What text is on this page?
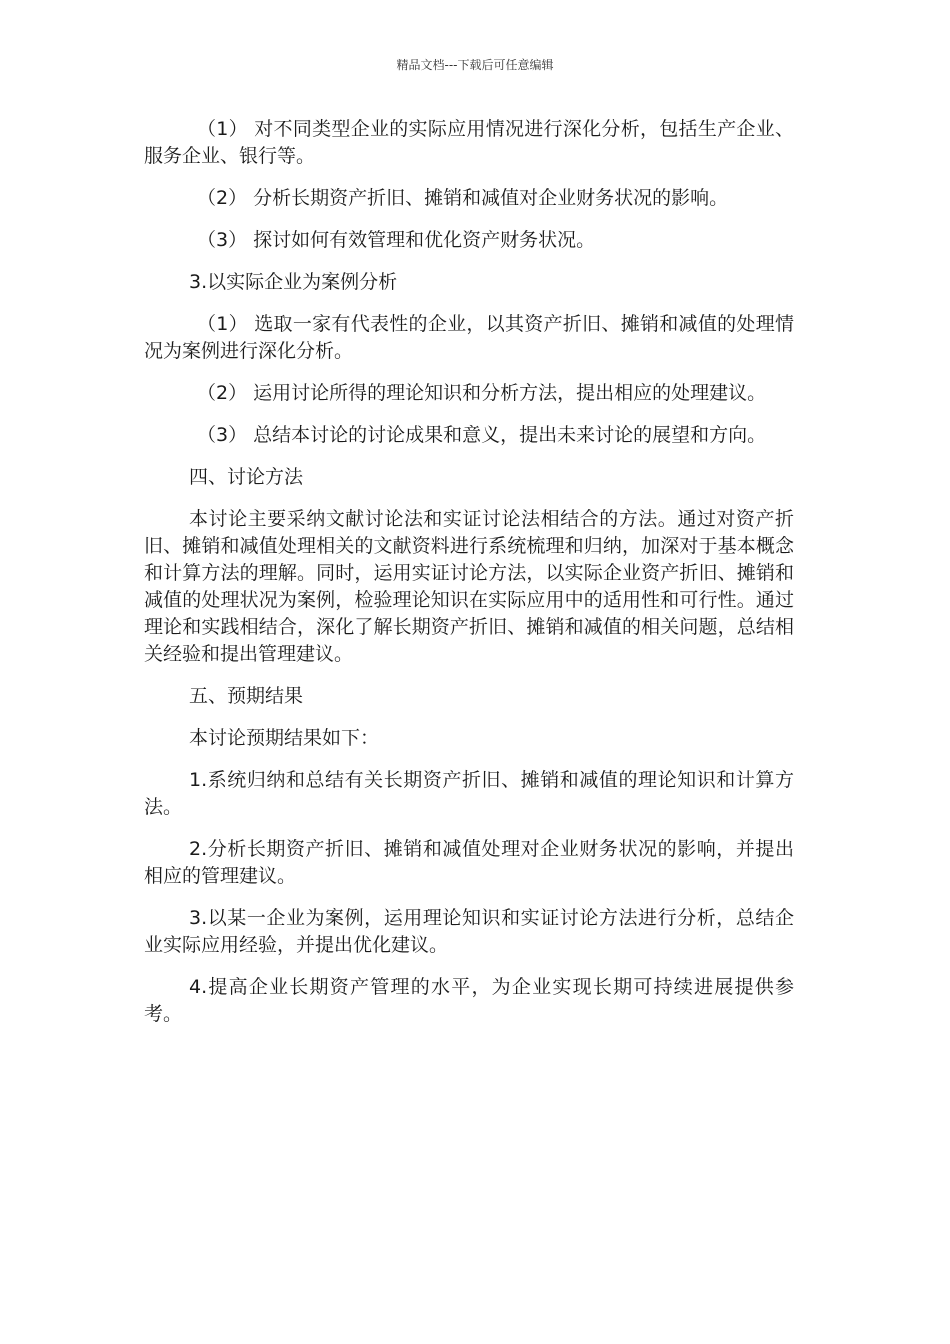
精品文档---下载后可任意编辑

（1） 对不同类型企业的实际应用情况进行深化分析，包括生产企业、服务企业、银行等。

（2） 分析长期资产折旧、摊销和减值对企业财务状况的影响。

（3） 探讨如何有效管理和优化资产财务状况。

3.以实际企业为案例分析

（1） 选取一家有代表性的企业，以其资产折旧、摊销和减值的处理情况为案例进行深化分析。

（2） 运用讨论所得的理论知识和分析方法，提出相应的处理建议。

（3） 总结本讨论的讨论成果和意义，提出未来讨论的展望和方向。

四、讨论方法

本讨论主要采纳文献讨论法和实证讨论法相结合的方法。通过对资产折旧、摊销和减值处理相关的文献资料进行系统梳理和归纳，加深对于基本概念和计算方法的理解。同时，运用实证讨论方法，以实际企业资产折旧、摊销和减值的处理状况为案例，检验理论知识在实际应用中的适用性和可行性。通过理论和实践相结合，深化了解长期资产折旧、摊销和减值的相关问题，总结相关经验和提出管理建议。

五、预期结果

本讨论预期结果如下：

1.系统归纳和总结有关长期资产折旧、摊销和减值的理论知识和计算方法。

2.分析长期资产折旧、摊销和减值处理对企业财务状况的影响，并提出相应的管理建议。

3.以某一企业为案例，运用理论知识和实证讨论方法进行分析，总结企业实际应用经验，并提出优化建议。

4.提高企业长期资产管理的水平，为企业实现长期可持续进展提供参考。
